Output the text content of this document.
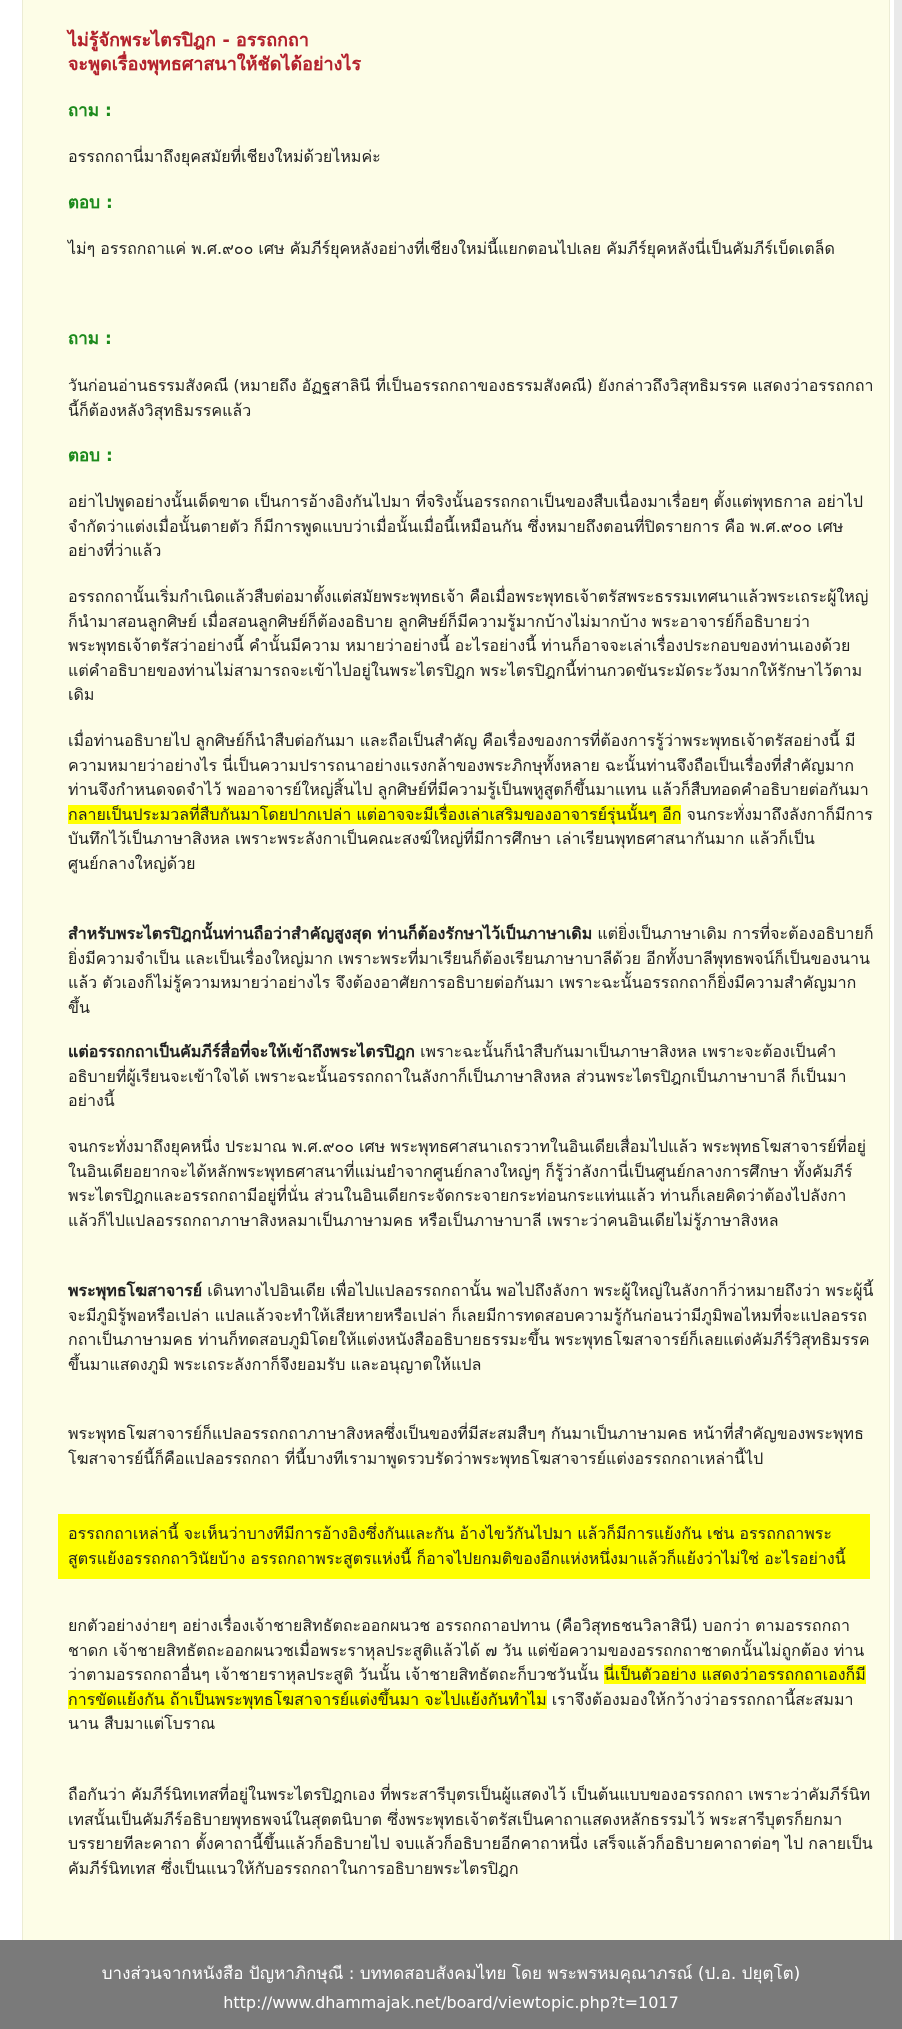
ไม่รู้จักพระไตรปิฎก - อรรถกถา
จะพูดเรื่องพุทธศาสนาให้ชัดได้อย่างไร
ถาม :

อรรถกถานี่มาถึงยุคสมัยที่เชียงใหม่ด้วยไหมค่ะ

ตอบ :

ไม่ๆ อรรถกถาแค่ พ.ศ.๙๐๐ เศษ คัมภีร์ยุคหลังอย่างที่เชียงใหม่นี้แยกตอนไปเลย คัมภีร์ยุคหลังนี่เป็นคัมภีร์เบ็ดเตล็ด

ถาม :

วันก่อนอ่านธรรมสังคณี (หมายถึง อัฏฐสาลินี ที่เป็นอรรถกถาของธรรมสังคณี) ยังกล่าวถึงวิสุทธิมรรค แสดงว่าอรรถกถานี้ก็ต้องหลังวิสุทธิมรรคแล้ว

ตอบ :

อย่าไปพูดอย่างนั้นเด็ดขาด เป็นการอ้างอิงกันไปมา ที่จริงนั้นอรรถกถาเป็นของสืบเนื่องมาเรื่อยๆ ตั้งแต่พุทธกาล อย่าไปจำกัดว่าแต่งเมื่อนั้นตายตัว ก็มีการพูดแบบว่าเมื่อนั้นเมื่อนี้เหมือนกัน ซึ่งหมายถึงตอนที่ปิดรายการ คือ พ.ศ.๙๐๐ เศษ อย่างที่ว่าแล้ว

อรรถกถานั้นเริ่มกำเนิดแล้วสืบต่อมาตั้งแต่สมัยพระพุทธเจ้า คือเมื่อพระพุทธเจ้าตรัสพระธรรมเทศนาแล้วพระเถระผู้ใหญ่ก็นำมาสอนลูกศิษย์ เมื่อสอนลูกศิษย์ก็ต้องอธิบาย ลูกศิษย์ก็มีความรู้มากบ้างไม่มากบ้าง พระอาจารย์ก็อธิบายว่าพระพุทธเจ้าตรัสว่าอย่างนี้ คำนั้นมีความ หมายว่าอย่างนี้ อะไรอย่างนี้ ท่านก็อาจจะเล่าเรื่องประกอบของท่านเองด้วย แต่คำอธิบายของท่านไม่สามารถจะเข้าไปอยู่ในพระไตรปิฎก พระไตรปิฎกนี้ท่านกวดขันระมัดระวังมากให้รักษาไว้ตามเดิม

เมื่อท่านอธิบายไป ลูกศิษย์ก็นำสืบต่อกันมา และถือเป็นสำคัญ คือเรื่องของการที่ต้องการรู้ว่าพระพุทธเจ้าตรัสอย่างนี้ มีความหมายว่าอย่างไร นี่เป็นความปรารถนาอย่างแรงกล้าของพระภิกษุทั้งหลาย ฉะนั้นท่านจึงถือเป็นเรื่องที่สำคัญมาก ท่านจึงกำหนดจดจำไว้ พออาจารย์ใหญ่สิ้นไป ลูกศิษย์ที่มีความรู้เป็นพหูสูตก็ขึ้นมาแทน แล้วก็สืบทอดคำอธิบายต่อกันมา กลายเป็นประมวลที่สืบกันมาโดยปากเปล่า แต่อาจจะมีเรื่องเล่าเสริมของอาจารย์รุ่นนั้นๆ อีก จนกระทั่งมาถึงลังกาก็มีการบันทึกไว้เป็นภาษาสิงหล เพราะพระลังกาเป็นคณะสงฆ์ใหญ่ที่มีการศึกษา เล่าเรียนพุทธศาสนากันมาก แล้วก็เป็นศูนย์กลางใหญ่ด้วย

สำหรับพระไตรปิฎกนั้นท่านถือว่าสำคัญสูงสุด ท่านก็ต้องรักษาไว้เป็นภาษาเดิม แต่ยิ่งเป็นภาษาเดิม การที่จะต้องอธิบายก็ยิ่งมีความจำเป็น และเป็นเรื่องใหญ่มาก เพราะพระที่มาเรียนก็ต้องเรียนภาษาบาลีด้วย อีกทั้งบาลีพุทธพจน์ก็เป็นของนานแล้ว ตัวเองก็ไม่รู้ความหมายว่าอย่างไร จึงต้องอาศัยการอธิบายต่อกันมา เพราะฉะนั้นอรรถกถาก็ยิ่งมีความสำคัญมากขึ้น

แต่อรรถกถาเป็นคัมภีร์สื่อที่จะให้เข้าถึงพระไตรปิฎก เพราะฉะนั้นก็นำสืบกันมาเป็นภาษาสิงหล เพราะจะต้องเป็นคำอธิบายที่ผู้เรียนจะเข้าใจได้ เพราะฉะนั้นอรรถกถาในลังกาก็เป็นภาษาสิงหล ส่วนพระไตรปิฎกเป็นภาษาบาลี ก็เป็นมาอย่างนี้

จนกระทั่งมาถึงยุคหนึ่ง ประมาณ พ.ศ.๙๐๐ เศษ พระพุทธศาสนาเถรวาทในอินเดียเสื่อมไปแล้ว พระพุทธโฆสาจารย์ที่อยู่ในอินเดียอยากจะได้หลักพระพุทธศาสนาที่แม่นยำจากศูนย์กลางใหญ่ๆ ก็รู้ว่าลังกานี่เป็นศูนย์กลางการศึกษา ทั้งคัมภีร์พระไตรปิฎกและอรรถกถามีอยู่ที่นั่น ส่วนในอินเดียกระจัดกระจายกระท่อนกระแท่นแล้ว ท่านก็เลยคิดว่าต้องไปลังกา แล้วก็ไปแปลอรรถกถาภาษาสิงหลมาเป็นภาษามคธ หรือเป็นภาษาบาลี เพราะว่าคนอินเดียไม่รู้ภาษาสิงหล

พระพุทธโฆสาจารย์ เดินทางไปอินเดีย เพื่อไปแปลอรรถกถานั้น พอไปถึงลังกา พระผู้ใหญ่ในลังกาก็ว่าหมายถึงว่า พระผู้นี้จะมีภูมิรู้พอหรือเปล่า แปลแล้วจะทำให้เสียหายหรือเปล่า ก็เลยมีการทดสอบความรู้กันก่อนว่ามีภูมิพอไหมที่จะแปลอรรถกถาเป็นภาษามคธ ท่านก็ทดสอบภูมิโดยให้แต่งหนังสืออธิบายธรรมะขึ้น พระพุทธโฆสาจารย์ก็เลยแต่งคัมภีร์วิสุทธิมรรคขึ้นมาแสดงภูมิ พระเถระลังกาก็จึงยอมรับ และอนุญาตให้แปล

พระพุทธโฆสาจารย์ก็แปลอรรถกถาภาษาสิงหลซึ่งเป็นของที่มีสะสมสืบๆ กันมาเป็นภาษามคธ หน้าที่สำคัญของพระพุทธโฆสาจารย์นี้ก็คือแปลอรรถกถา ที่นี้บางทีเรามาพูดรวบรัดว่าพระพุทธโฆสาจารย์แต่งอรรถกถาเหล่านี้ไป

อรรถกถาเหล่านี้ จะเห็นว่าบางทีมีการอ้างอิงซึ่งกันและกัน อ้างไขว้กันไปมา แล้วก็มีการแย้งกัน เช่น อรรถกถาพระสูตรแย้งอรรถกถาวินัยบ้าง อรรถกถาพระสูตรแห่งนี้ ก็อาจไปยกมติของอีกแห่งหนึ่งมาแล้วก็แย้งว่าไม่ใช่ อะไรอย่างนี้

ยกตัวอย่างง่ายๆ อย่างเรื่องเจ้าชายสิทธัตถะออกผนวช อรรถกถาอปทาน (คือวิสุทธชนวิลาสินี) บอกว่า ตามอรรถกถาชาดก เจ้าชายสิทธัตถะออกผนวชเมื่อพระราหุลประสูติแล้วได้ ๗ วัน แต่ข้อความของอรรถกถาชาดกนั้นไม่ถูกต้อง ท่านว่าตามอรรถกถาอื่นๆ เจ้าชายราหุลประสูติ วันนั้น เจ้าชายสิทธัตถะก็บวชวันนั้น นี่เป็นตัวอย่าง แสดงว่าอรรถกถาเองก็มีการขัดแย้งกัน ถ้าเป็นพระพุทธโฆสาจารย์แต่งขึ้นมา จะไปแย้งกันทำไม เราจึงต้องมองให้กว้างว่าอรรถกถานี้สะสมมานาน สืบมาแต่โบราณ

ถือกันว่า คัมภีร์นิทเทสที่อยู่ในพระไตรปิฎกเอง ที่พระสารีบุตรเป็นผู้แสดงไว้ เป็นต้นแบบของอรรถกถา เพราะว่าคัมภีร์นิทเทสนั้นเป็นคัมภีร์อธิบายพุทธพจน์ในสุตตนิบาต ซึ่งพระพุทธเจ้าตรัสเป็นคาถาแสดงหลักธรรมไว้ พระสารีบุตรก็ยกมาบรรยายทีละคาถา ตั้งคาถานี้ขึ้นแล้วก็อธิบายไป จบแล้วก็อธิบายอีกคาถาหนึ่ง เสร็จแล้วก็อธิบายคาถาต่อๆ ไป กลายเป็นคัมภีร์นิทเทส ซึ่งเป็นแนวให้กับอรรถกถาในการอธิบายพระไตรปิฎก

บางส่วนจากหนังสือ ปัญหาภิกษุณี : บททดสอบสังคมไทย โดย พระพรหมคุณาภรณ์ (ป.อ. ปยุตฺโต)
http://www.dhammajak.net/board/viewtopic.php?t=1017
